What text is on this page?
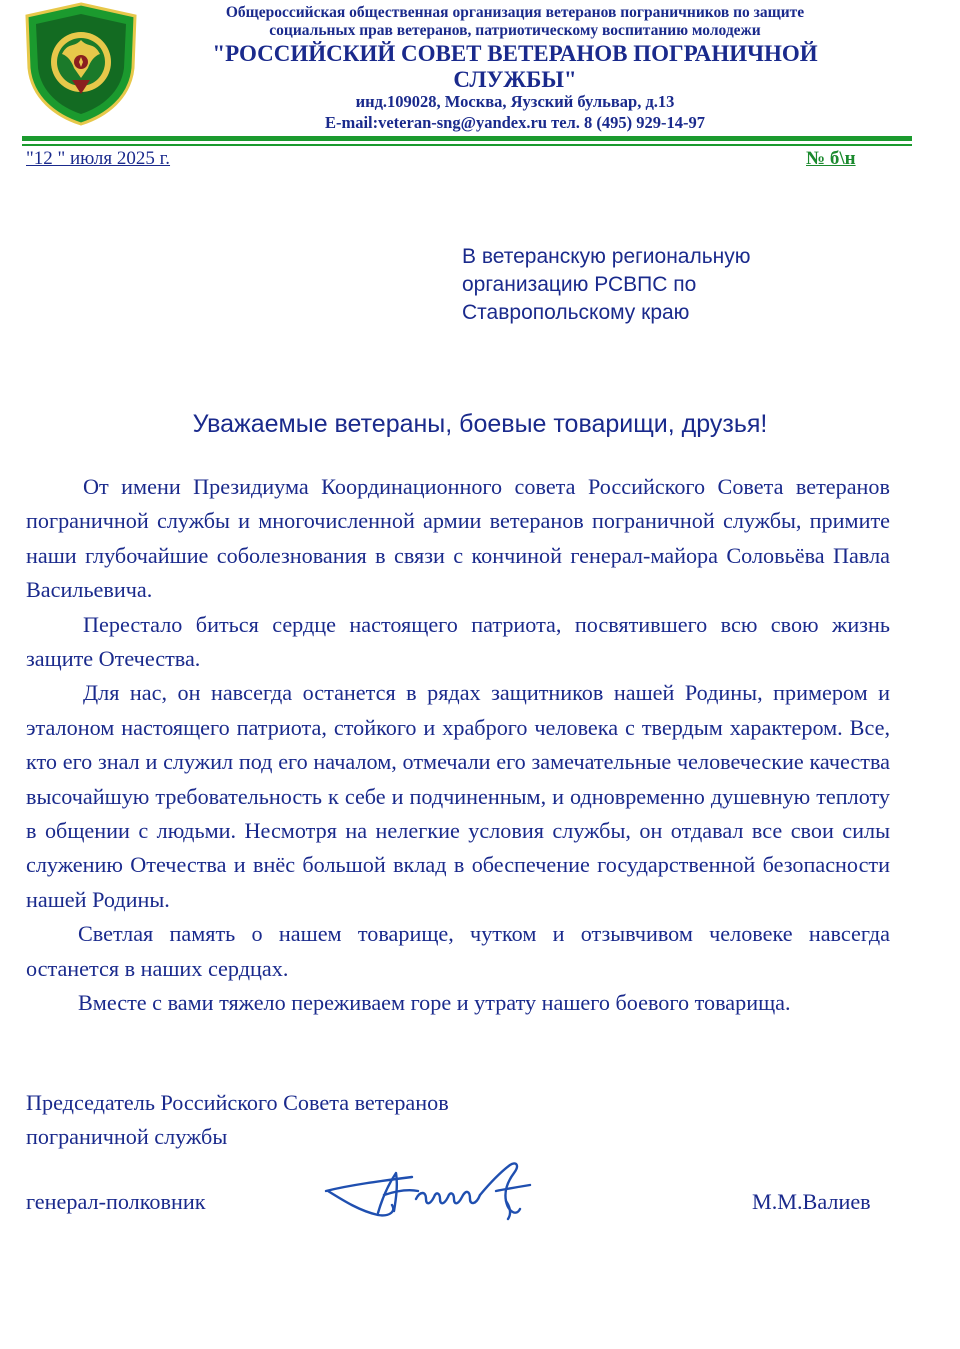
Общероссийская общественная организация ветеранов пограничников по защите
социальных прав ветеранов, патриотическому воспитанию молодежи
"РОССИЙСКИЙ СОВЕТ ВЕТЕРАНОВ ПОГРАНИЧНОЙ
СЛУЖБЫ"
инд.109028, Москва, Яузский бульвар, д.13
E-mail:veteran-sng@yandex.ru тел. 8 (495) 929-14-97
"12 " июля 2025 г.	№ б\н
В ветеранскую региональную
организацию РСВПС по
Ставропольскому краю
Уважаемые ветераны, боевые товарищи, друзья!

От имени Президиума Координационного совета Российского Совета ветеранов пограничной службы и многочисленной армии ветеранов пограничной службы, примите наши глубочайшие соболезнования в связи с кончиной генерал-майора Соловьёва Павла Васильевича.

Перестало биться сердце настоящего патриота, посвятившего всю свою жизнь защите Отечества.

Для нас, он навсегда останется в рядах защитников нашей Родины, примером и эталоном настоящего патриота, стойкого и храброго человека с твердым характером. Все, кто его знал и служил под его началом, отмечали его замечательные человеческие качества высочайшую требовательность к себе и подчиненным, и одновременно душевную теплоту в общении с людьми. Несмотря на нелегкие условия службы, он отдавал все свои силы служению Отечества и внёс большой вклад в обеспечение государственной безопасности нашей Родины.

Светлая память о нашем товарище, чутком и отзывчивом человеке навсегда останется в наших сердцах.

Вместе с вами тяжело переживаем горе и утрату нашего боевого товарища.

Председатель Российского Совета ветеранов
пограничной службы
генерал-полковник	М.М.Валиев
